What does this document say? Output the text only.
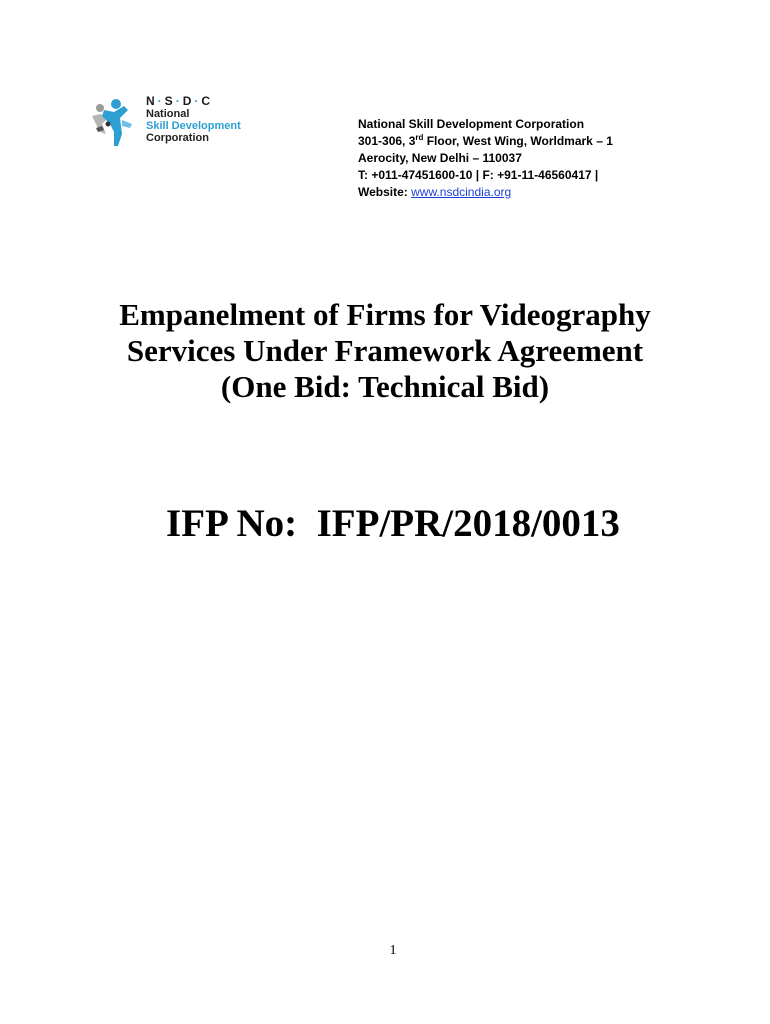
N · S · D · C
National
Skill Development
Corporation
National Skill Development Corporation
301-306, 3rd Floor, West Wing, Worldmark – 1
Aerocity, New Delhi – 110037
T: +011-47451600-10 | F: +91-11-46560417 |
Website: www.nsdcindia.org
Empanelment of Firms for Videography
Services Under Framework Agreement
(One Bid: Technical Bid)
IFP No:  IFP/PR/2018/0013
1
